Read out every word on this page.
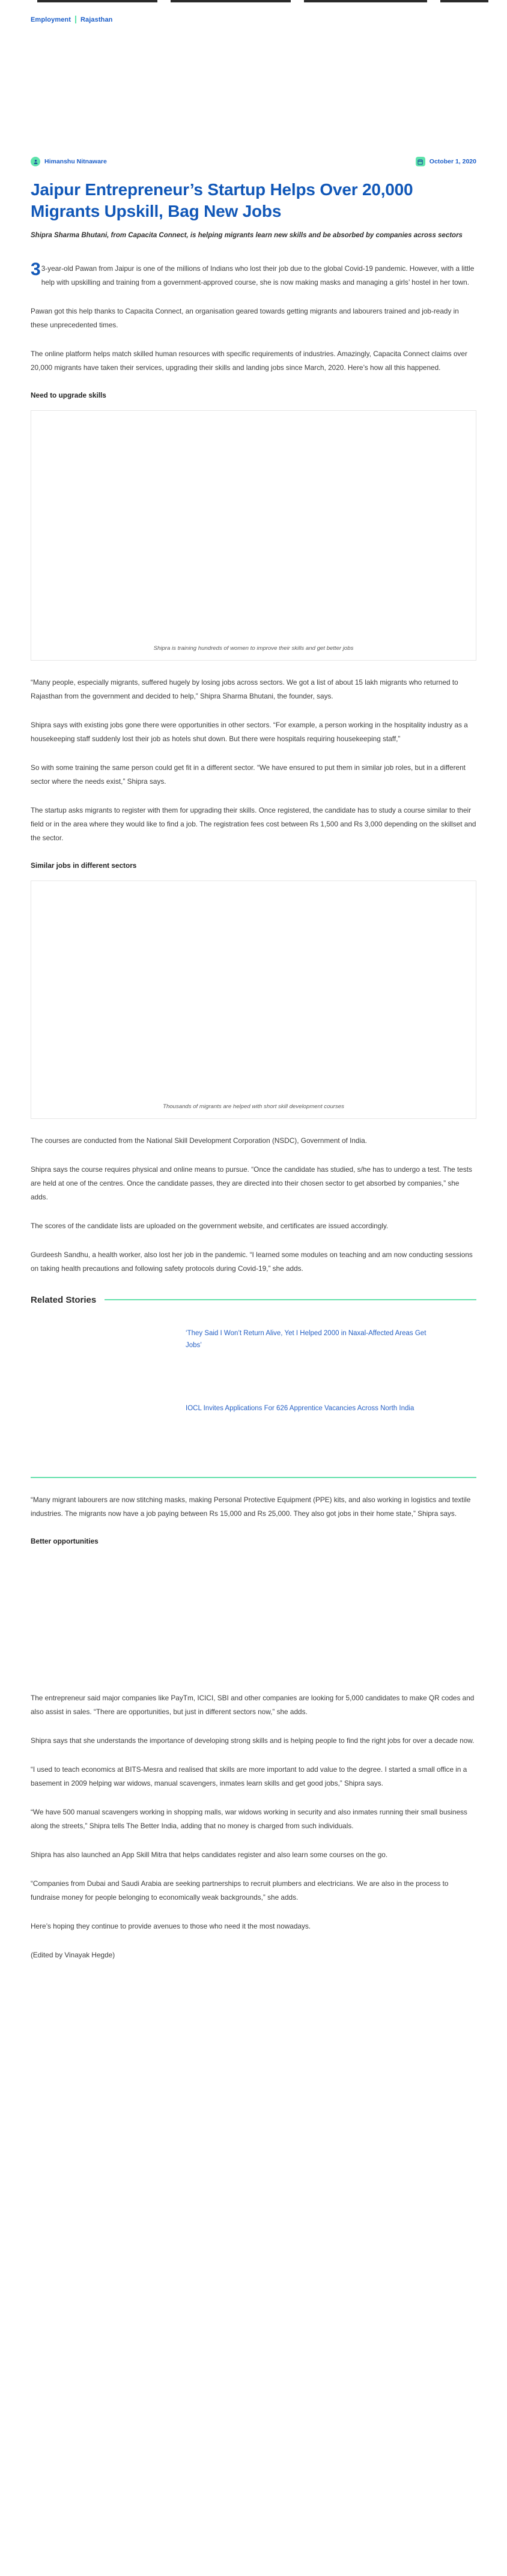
Employment Rajasthan
Himanshu Nitnaware	October 1, 2020
Jaipur Entrepreneur’s Startup Helps Over 20,000 Migrants Upskill, Bag New Jobs
Shipra Sharma Bhutani, from Capacita Connect, is helping migrants learn new skills and be absorbed by companies across sectors

3 3-year-old Pawan from Jaipur is one of the millions of Indians who lost their job due to the global Covid-19 pandemic. However, with a little help with upskilling and training from a government-approved course, she is now making masks and managing a girls’ hostel in her town.

Pawan got this help thanks to Capacita Connect, an organisation geared towards getting migrants and labourers trained and job-ready in these unprecedented times.

The online platform helps match skilled human resources with specific requirements of industries. Amazingly, Capacita Connect claims over 20,000 migrants have taken their services, upgrading their skills and landing jobs since March, 2020. Here’s how all this happened.

Need to upgrade skills
Shipra is training hundreds of women to improve their skills and get better jobs

“Many people, especially migrants, suffered hugely by losing jobs across sectors. We got a list of about 15 lakh migrants who returned to Rajasthan from the government and decided to help,” Shipra Sharma Bhutani, the founder, says.

Shipra says with existing jobs gone there were opportunities in other sectors. “For example, a person working in the hospitality industry as a housekeeping staff suddenly lost their job as hotels shut down. But there were hospitals requiring housekeeping staff,”

So with some training the same person could get fit in a different sector. “We have ensured to put them in similar job roles, but in a different sector where the needs exist,” Shipra says.

The startup asks migrants to register with them for upgrading their skills. Once registered, the candidate has to study a course similar to their field or in the area where they would like to find a job. The registration fees cost between Rs 1,500 and Rs 3,000 depending on the skillset and the sector.

Similar jobs in different sectors
Thousands of migrants are helped with short skill development courses

The courses are conducted from the National Skill Development Corporation (NSDC), Government of India.

Shipra says the course requires physical and online means to pursue. “Once the candidate has studied, s/he has to undergo a test. The tests are held at one of the centres. Once the candidate passes, they are directed into their chosen sector to get absorbed by companies,” she adds.

The scores of the candidate lists are uploaded on the government website, and certificates are issued accordingly.

Gurdeesh Sandhu, a health worker, also lost her job in the pandemic. “I learned some modules on teaching and am now conducting sessions on taking health precautions and following safety protocols during Covid-19,” she adds.

Related Stories
‘They Said I Won’t Return Alive, Yet I Helped 2000 in Naxal-Affected Areas Get Jobs’
IOCL Invites Applications For 626 Apprentice Vacancies Across North India

“Many migrant labourers are now stitching masks, making Personal Protective Equipment (PPE) kits, and also working in logistics and textile industries. The migrants now have a job paying between Rs 15,000 and Rs 25,000. They also got jobs in their home state,” Shipra says.

Better opportunities

The entrepreneur said major companies like PayTm, ICICI, SBI and other companies are looking for 5,000 candidates to make QR codes and also assist in sales. “There are opportunities, but just in different sectors now,” she adds.

Shipra says that she understands the importance of developing strong skills and is helping people to find the right jobs for over a decade now.

“I used to teach economics at BITS-Mesra and realised that skills are more important to add value to the degree. I started a small office in a basement in 2009 helping war widows, manual scavengers, inmates learn skills and get good jobs,” Shipra says.

“We have 500 manual scavengers working in shopping malls, war widows working in security and also inmates running their small business along the streets,” Shipra tells The Better India, adding that no money is charged from such individuals.

Shipra has also launched an App Skill Mitra that helps candidates register and also learn some courses on the go.

“Companies from Dubai and Saudi Arabia are seeking partnerships to recruit plumbers and electricians. We are also in the process to fundraise money for people belonging to economically weak backgrounds,” she adds.

Here’s hoping they continue to provide avenues to those who need it the most nowadays.

(Edited by Vinayak Hegde)
